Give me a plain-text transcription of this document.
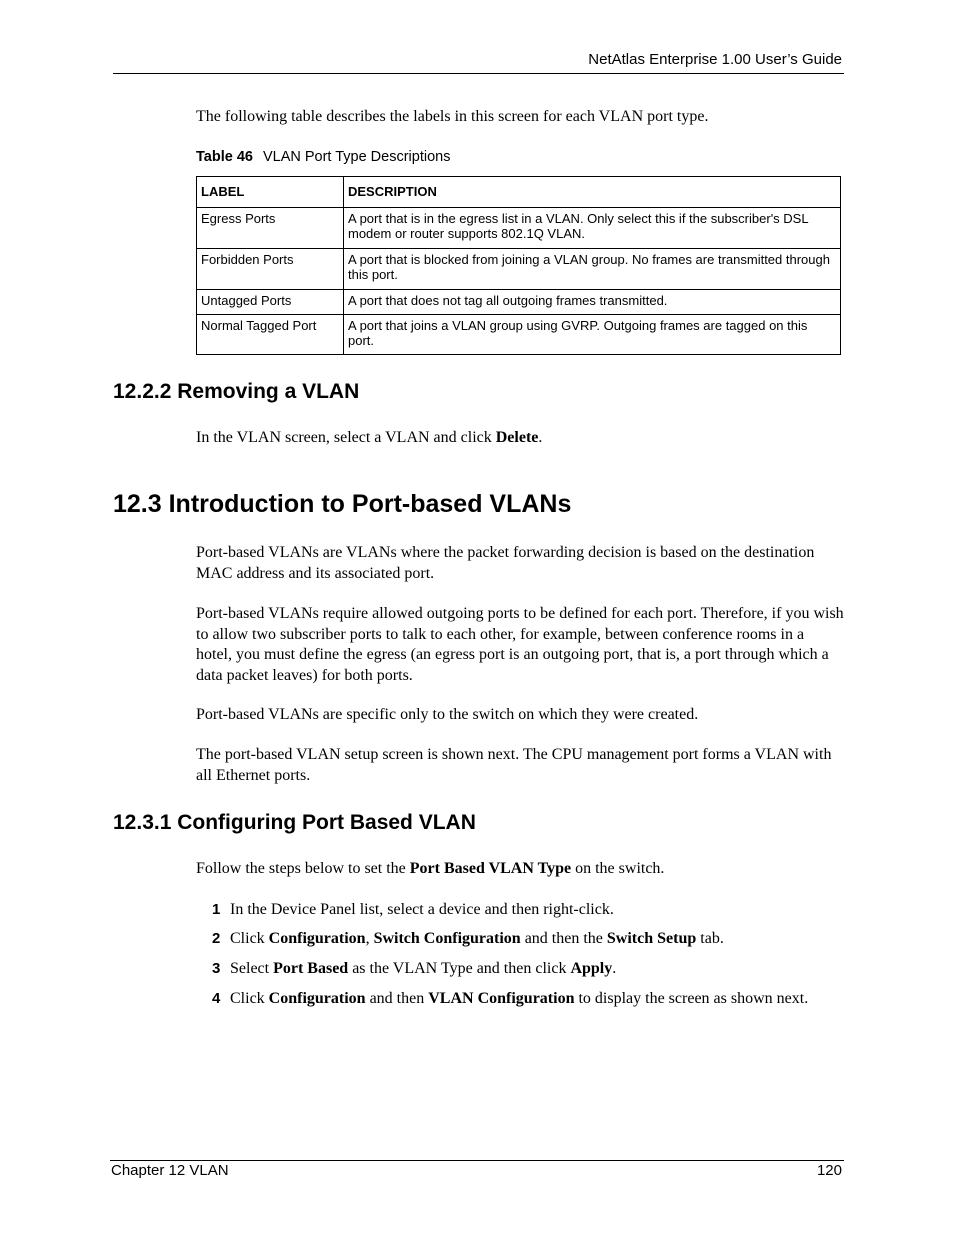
NetAtlas Enterprise 1.00 User’s Guide
The following table describes the labels in this screen for each VLAN port type.
Table 46 VLAN Port Type Descriptions
LABEL	DESCRIPTION
Egress Ports	A port that is in the egress list in a VLAN. Only select this if the subscriber's DSL modem or router supports 802.1Q VLAN.
Forbidden Ports	A port that is blocked from joining a VLAN group. No frames are transmitted through this port.
Untagged Ports	A port that does not tag all outgoing frames transmitted.
Normal Tagged Port	A port that joins a VLAN group using GVRP. Outgoing frames are tagged on this port.
12.2.2 Removing a VLAN
In the VLAN screen, select a VLAN and click Delete.
12.3 Introduction to Port-based VLANs
Port-based VLANs are VLANs where the packet forwarding decision is based on the destination MAC address and its associated port.
Port-based VLANs require allowed outgoing ports to be defined for each port. Therefore, if you wish to allow two subscriber ports to talk to each other, for example, between conference rooms in a hotel, you must define the egress (an egress port is an outgoing port, that is, a port through which a data packet leaves) for both ports.
Port-based VLANs are specific only to the switch on which they were created.
The port-based VLAN setup screen is shown next. The CPU management port forms a VLAN with all Ethernet ports.
12.3.1 Configuring Port Based VLAN
Follow the steps below to set the Port Based VLAN Type on the switch.
1 In the Device Panel list, select a device and then right-click.
2 Click Configuration, Switch Configuration and then the Switch Setup tab.
3 Select Port Based as the VLAN Type and then click Apply.
4 Click Configuration and then VLAN Configuration to display the screen as shown next.
Chapter 12 VLAN	120
